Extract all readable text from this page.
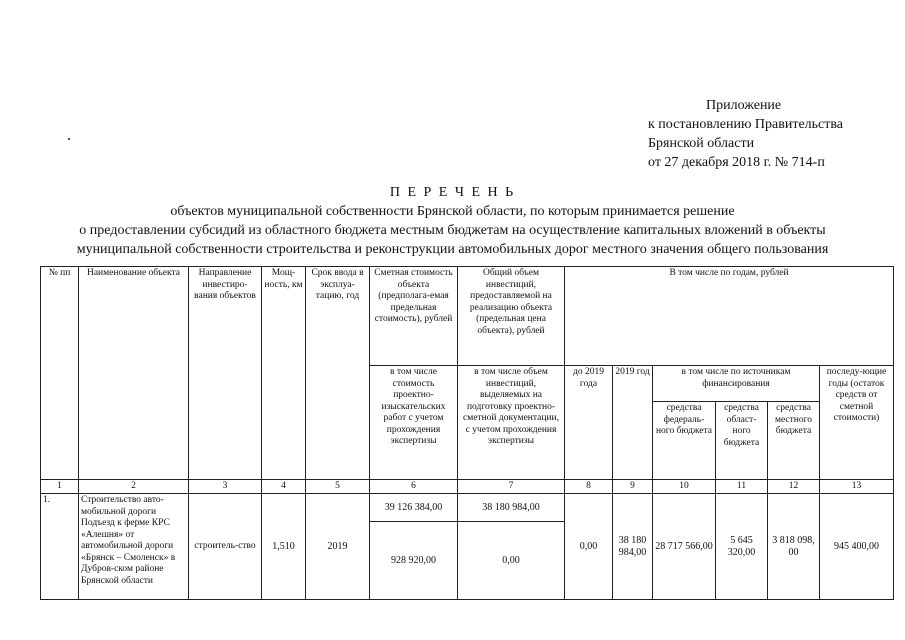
Приложение
к постановлению Правительства
Брянской области
от 27 декабря 2018 г. № 714-п
П Е Р Е Ч Е Н Ь
объектов муниципальной собственности Брянской области, по которым принимается решение
о предоставлении субсидий из областного бюджета местным бюджетам на осуществление капитальных вложений в объекты
муниципальной собственности строительства и реконструкции автомобильных дорог местного значения общего пользования
№ пп	Наименование объекта	Направление инвестиро-вания объектов	Мощ-ность, км	Срок ввода в эксплуа-тацию, год	Сметная стоимость объекта (предполага-емая предельная стоимость), рублей	Общий объем инвестиций, предоставляемой на реализацию объекта (предельная цена объекта), рублей	В том числе по годам, рублей					
					в том числе стоимость проектно-изыскательских работ с учетом прохождения экспертизы	в том числе объем инвестиций, выделяемых на подготовку проектно-сметной документации, с учетом прохождения экспертизы	до 2019 года	2019 год	в том числе по источникам финансирования			последу-ющие годы (остаток средств от сметной стоимости)
									средства федераль-ного бюджета	средства област-ного бюджета	средства местного бюджета	
1	2	3	4	5	6	7	8	9	10	11	12	13
1.	Строительство авто-мобильной дороги Подъезд к ферме КРС «Алешня» от автомобильной дороги «Брянск – Смоленск» в Дубров-ском районе Брянской области	строитель-ство	1,510	2019	39 126 384,00	38 180 984,00	0,00	38 180 984,00	28 717 566,00	5 645 320,00	3 818 098, 00	945 400,00
					928 920,00	0,00						
